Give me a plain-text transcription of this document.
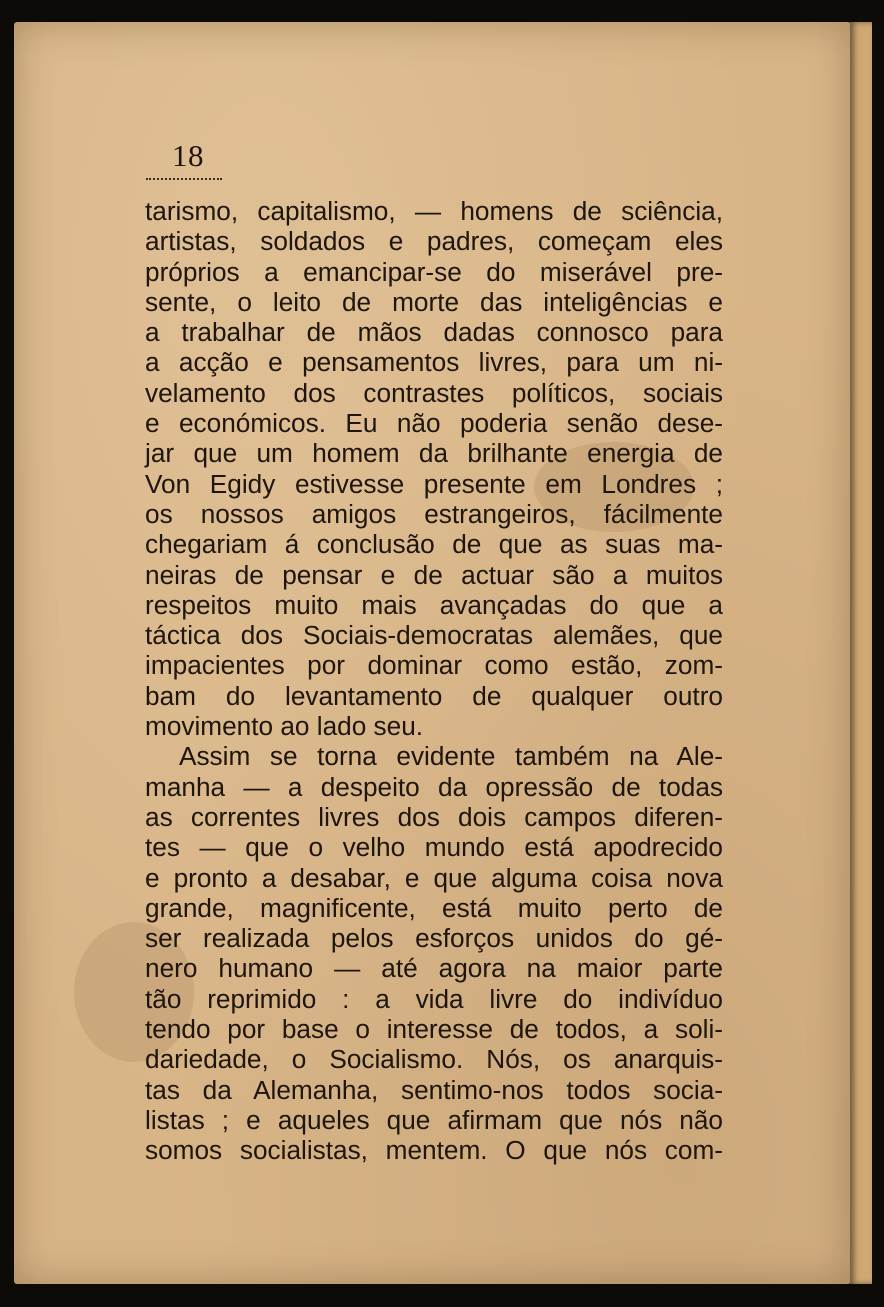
18
tarismo, capitalismo, — homens de sciência,
artistas, soldados e padres, começam eles
próprios a emancipar-se do miserável pre-
sente, o leito de morte das inteligências e
a trabalhar de mãos dadas connosco para
a acção e pensamentos livres, para um ni-
velamento dos contrastes políticos, sociais
e económicos. Eu não poderia senão dese-
jar que um homem da brilhante energia de
Von Egidy estivesse presente em Londres ;
os nossos amigos estrangeiros, fácilmente
chegariam á conclusão de que as suas ma-
neiras de pensar e de actuar são a muitos
respeitos muito mais avançadas do que a
táctica dos Sociais-democratas alemães, que
impacientes por dominar como estão, zom-
bam do levantamento de qualquer outro
movimento ao lado seu.
Assim se torna evidente também na Ale-
manha — a despeito da opressão de todas
as correntes livres dos dois campos diferen-
tes — que o velho mundo está apodrecido
e pronto a desabar, e que alguma coisa nova
grande, magnificente, está muito perto de
ser realizada pelos esforços unidos do gé-
nero humano — até agora na maior parte
tão reprimido : a vida livre do indivíduo
tendo por base o interesse de todos, a soli-
dariedade, o Socialismo. Nós, os anarquis-
tas da Alemanha, sentimo-nos todos socia-
listas ; e aqueles que afirmam que nós não
somos socialistas, mentem. O que nós com-
